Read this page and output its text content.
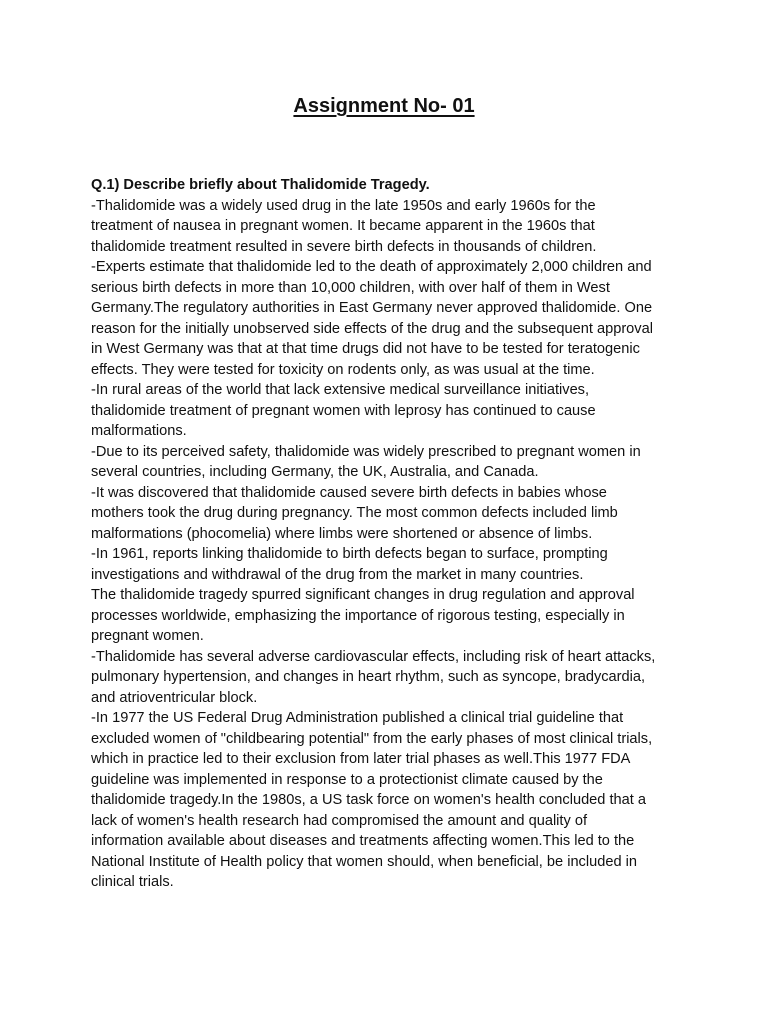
Assignment No- 01
Q.1) Describe briefly about Thalidomide Tragedy.
-Thalidomide was a widely used drug in the late 1950s and early 1960s for the
treatment of nausea in pregnant women. It became apparent in the 1960s that
thalidomide treatment resulted in severe birth defects in thousands of children.
-Experts estimate that thalidomide led to the death of approximately 2,000 children and
serious birth defects in more than 10,000 children, with over half of them in West
Germany.The regulatory authorities in East Germany never approved thalidomide. One
reason for the initially unobserved side effects of the drug and the subsequent approval
in West Germany was that at that time drugs did not have to be tested for teratogenic
effects. They were tested for toxicity on rodents only, as was usual at the time.
-In rural areas of the world that lack extensive medical surveillance initiatives,
thalidomide treatment of pregnant women with leprosy has continued to cause
malformations.
-Due to its perceived safety, thalidomide was widely prescribed to pregnant women in
several countries, including Germany, the UK, Australia, and Canada.
-It was discovered that thalidomide caused severe birth defects in babies whose
mothers took the drug during pregnancy. The most common defects included limb
malformations (phocomelia) where limbs were shortened or absence of limbs.
-In 1961, reports linking thalidomide to birth defects began to surface, prompting
investigations and withdrawal of the drug from the market in many countries.
The thalidomide tragedy spurred significant changes in drug regulation and approval
processes worldwide, emphasizing the importance of rigorous testing, especially in
pregnant women.
-Thalidomide has several adverse cardiovascular effects, including risk of heart attacks,
pulmonary hypertension, and changes in heart rhythm, such as syncope, bradycardia,
and atrioventricular block.
-In 1977 the US Federal Drug Administration published a clinical trial guideline that
excluded women of "childbearing potential" from the early phases of most clinical trials,
which in practice led to their exclusion from later trial phases as well.This 1977 FDA
guideline was implemented in response to a protectionist climate caused by the
thalidomide tragedy.In the 1980s, a US task force on women's health concluded that a
lack of women's health research had compromised the amount and quality of
information available about diseases and treatments affecting women.This led to the
National Institute of Health policy that women should, when beneficial, be included in
clinical trials.
